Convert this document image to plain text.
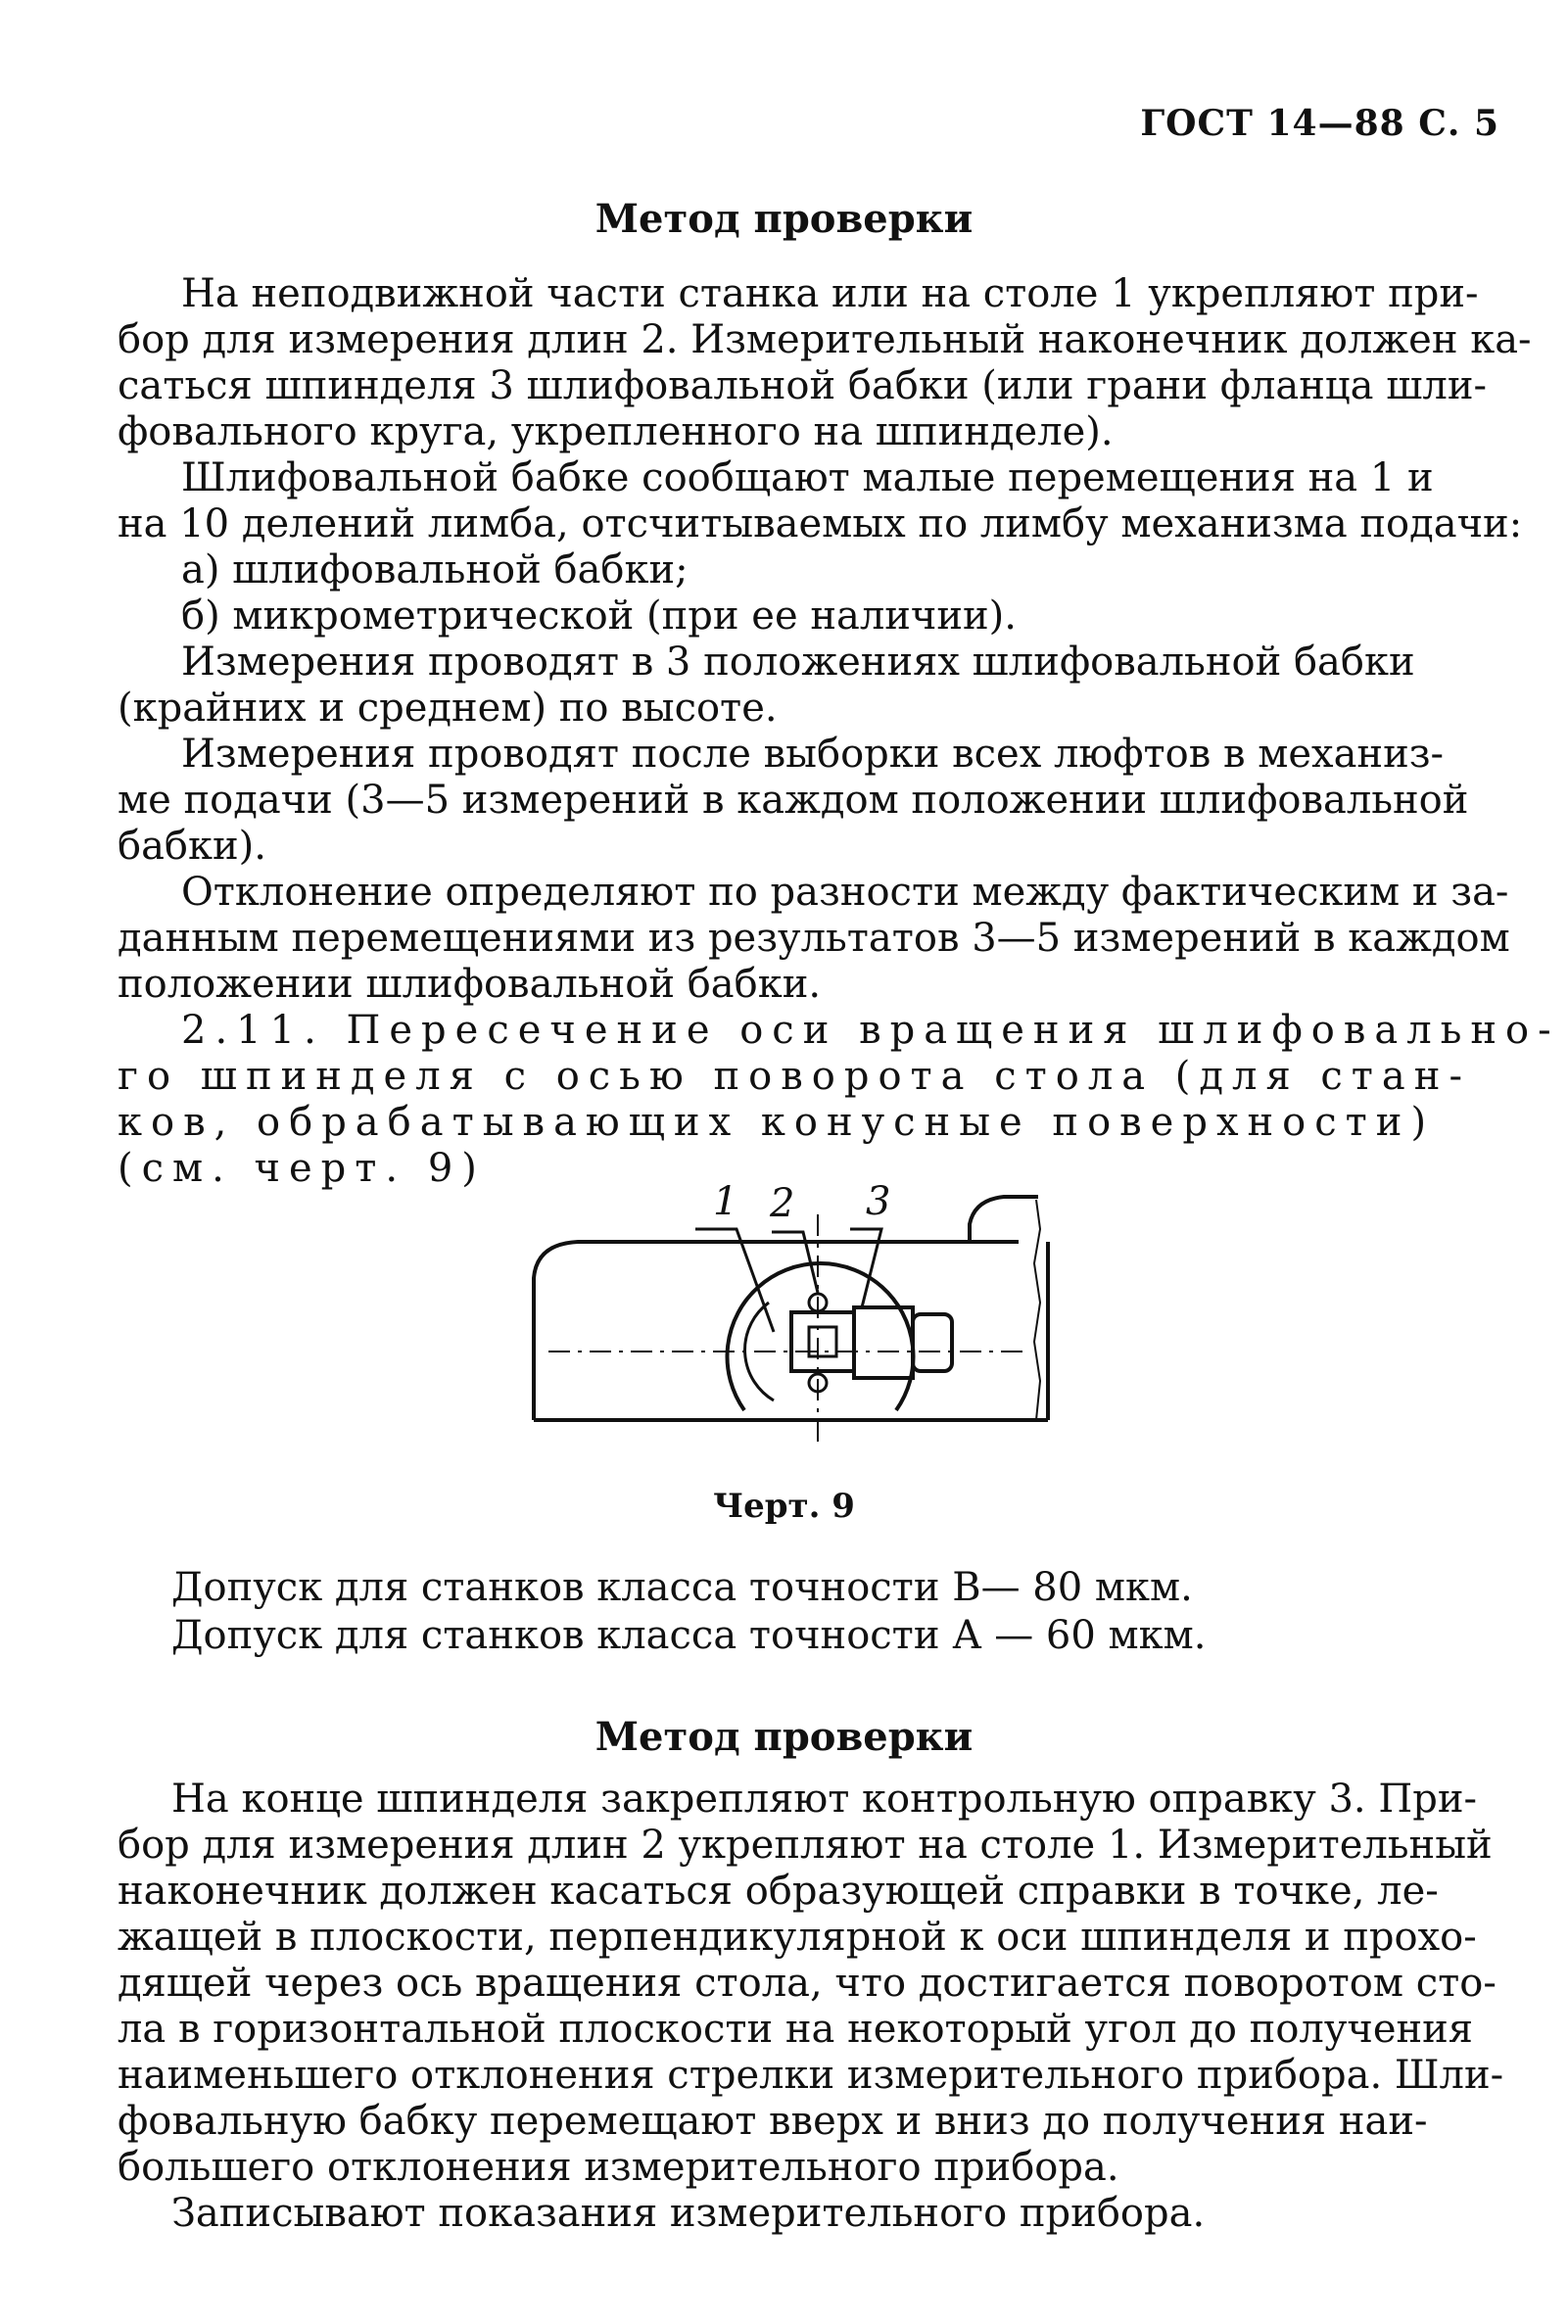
ГОСТ 14—88 С. 5
Метод проверки
На неподвижной части станка или на столе 1 укрепляют при-
бор для измерения длин 2. Измерительный наконечник должен ка-
саться шпинделя 3 шлифовальной бабки (или грани фланца шли-
фовального круга, укрепленного на шпинделе).
Шлифовальной бабке сообщают малые перемещения на 1 и
на 10 делений лимба, отсчитываемых по лимбу механизма подачи:
а) шлифовальной бабки;
б) микрометрической (при ее наличии).
Измерения проводят в 3 положениях шлифовальной бабки
(крайних и среднем) по высоте.
Измерения проводят после выборки всех люфтов в механиз-
ме подачи (3—5 измерений в каждом положении шлифовальной
бабки).
Отклонение определяют по разности между фактическим и за-
данным перемещениями из результатов 3—5 измерений в каждом
положении шлифовальной бабки.
2.11. Пересечение оси вращения шлифовально-
го шпинделя с осью поворота стола (для стан-
ков, обрабатывающих конусные поверхности)
(см. черт. 9)
1 2 3
Черт. 9
Допуск для станков класса точности В— 80 мкм.
Допуск для станков класса точности А — 60 мкм.
Метод проверки
На конце шпинделя закрепляют контрольную оправку 3. При-
бор для измерения длин 2 укрепляют на столе 1. Измерительный
наконечник должен касаться образующей справки в точке, ле-
жащей в плоскости, перпендикулярной к оси шпинделя и прохо-
дящей через ось вращения стола, что достигается поворотом сто-
ла в горизонтальной плоскости на некоторый угол до получения
наименьшего отклонения стрелки измерительного прибора. Шли-
фовальную бабку перемещают вверх и вниз до получения наи-
большего отклонения измерительного прибора.
Записывают показания измерительного прибора.
